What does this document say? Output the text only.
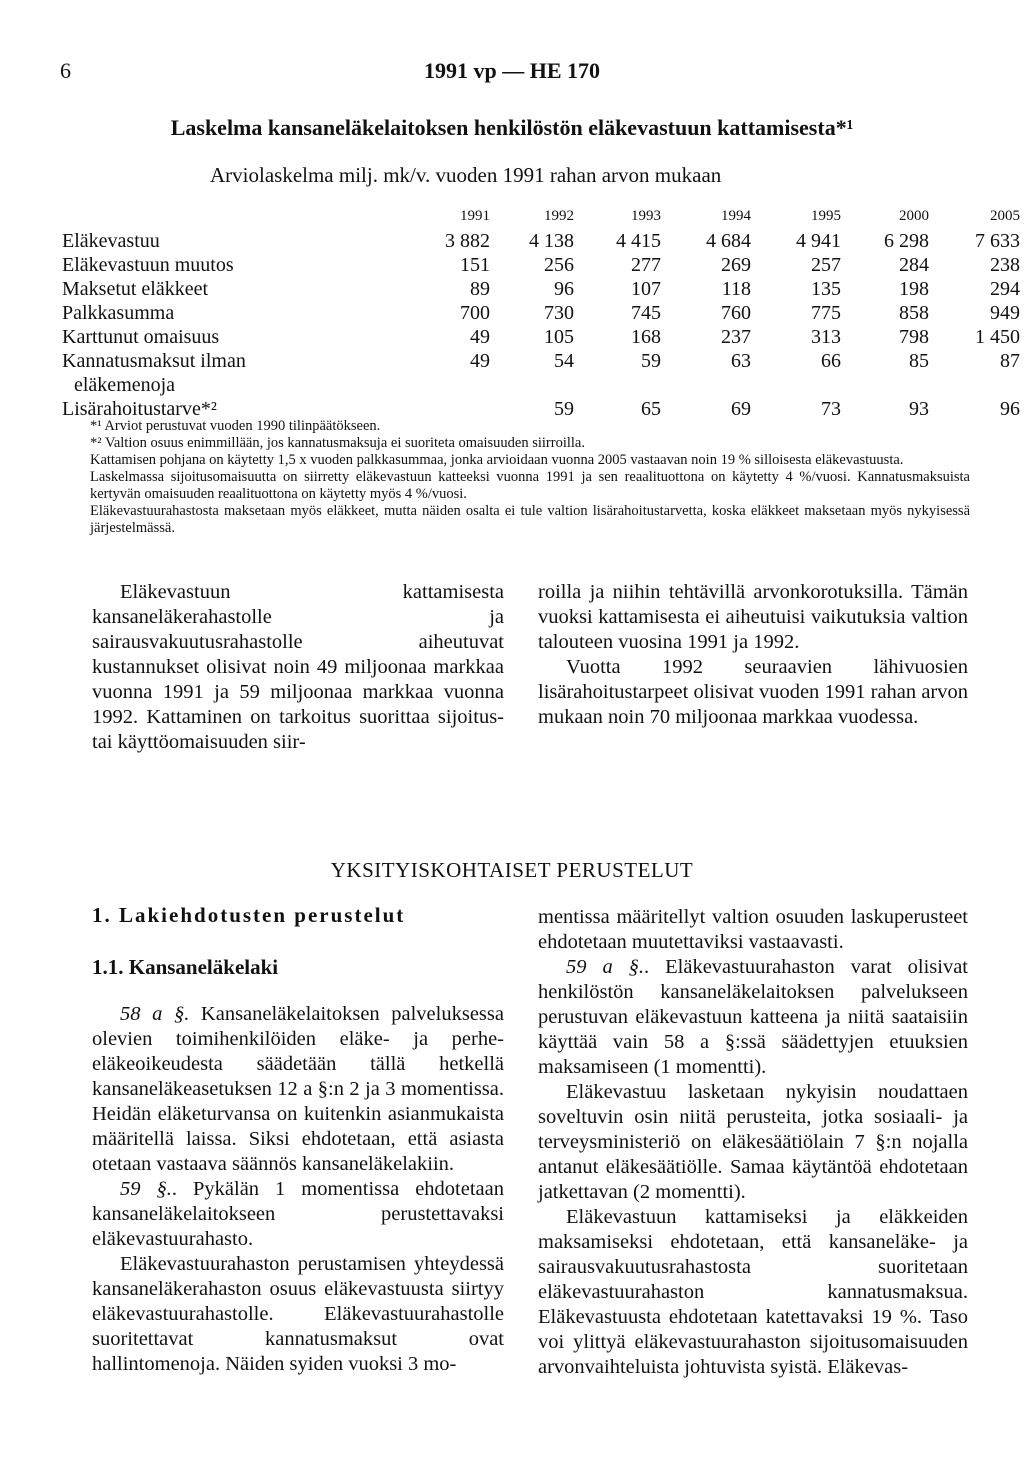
6	1991 vp — HE 170
Laskelma kansaneläkelaitoksen henkilöstön eläkevastuun kattamisesta*¹
Arviolaskelma milj. mk/v. vuoden 1991 rahan arvon mukaan
	1991	1992	1993	1994	1995	2000	2005
Eläkevastuu	3 882	4 138	4 415	4 684	4 941	6 298	7 633
Eläkevastuun muutos	151	256	277	269	257	284	238
Maksetut eläkkeet	89	96	107	118	135	198	294
Palkkasumma	700	730	745	760	775	858	949
Karttunut omaisuus	49	105	168	237	313	798	1 450
Kannatusmaksut ilman	49	54	59	63	66	85	87
eläkemenoja							
Lisärahoitustarve*²		59	65	69	73	93	96

*¹ Arviot perustuvat vuoden 1990 tilinpäätökseen.

*² Valtion osuus enimmillään, jos kannatusmaksuja ei suoriteta omaisuuden siirroilla.

Kattamisen pohjana on käytetty 1,5 x vuoden palkkasummaa, jonka arvioidaan vuonna 2005 vastaavan noin 19 % silloisesta eläkevastuusta.

Laskelmassa sijoitusomaisuutta on siirretty eläkevastuun katteeksi vuonna 1991 ja sen reaalituottona on käytetty 4 %/vuosi. Kannatusmaksuista kertyvän omaisuuden reaalituottona on käytetty myös 4 %/vuosi.

Eläkevastuurahastosta maksetaan myös eläkkeet, mutta näiden osalta ei tule valtion lisärahoitustarvetta, koska eläkkeet maksetaan myös nykyisessä järjestelmässä.

Eläkevastuun kattamisesta kansaneläkerahastolle ja sairausvakuutusrahastolle aiheutuvat kustannukset olisivat noin 49 miljoonaa markkaa vuonna 1991 ja 59 miljoonaa markkaa vuonna 1992. Kattaminen on tarkoitus suorittaa sijoitus- tai käyttöomaisuuden siir-

roilla ja niihin tehtävillä arvonkorotuksilla. Tämän vuoksi kattamisesta ei aiheutuisi vaikutuksia valtion talouteen vuosina 1991 ja 1992.

Vuotta 1992 seuraavien lähivuosien lisärahoitustarpeet olisivat vuoden 1991 rahan arvon mukaan noin 70 miljoonaa markkaa vuodessa.

YKSITYISKOHTAISET PERUSTELUT
1. Lakiehdotusten perustelut
1.1. Kansaneläkelaki

58 a §. Kansaneläkelaitoksen palveluksessa olevien toimihenkilöiden eläke- ja perhe-eläkeoikeudesta säädetään tällä hetkellä kansaneläkeasetuksen 12 a §:n 2 ja 3 momentissa. Heidän eläketurvansa on kuitenkin asianmukaista määritellä laissa. Siksi ehdotetaan, että asiasta otetaan vastaava säännös kansaneläkelakiin.

59 §.. Pykälän 1 momentissa ehdotetaan kansaneläkelaitokseen perustettavaksi eläkevastuurahasto.

Eläkevastuurahaston perustamisen yhteydessä kansaneläkerahaston osuus eläkevastuusta siirtyy eläkevastuurahastolle. Eläkevastuurahastolle suoritettavat kannatusmaksut ovat hallintomenoja. Näiden syiden vuoksi 3 mo-

mentissa määritellyt valtion osuuden laskuperusteet ehdotetaan muutettaviksi vastaavasti.

59 a §.. Eläkevastuurahaston varat olisivat henkilöstön kansaneläkelaitoksen palvelukseen perustuvan eläkevastuun katteena ja niitä saataisiin käyttää vain 58 a §:ssä säädettyjen etuuksien maksamiseen (1 momentti).

Eläkevastuu lasketaan nykyisin noudattaen soveltuvin osin niitä perusteita, jotka sosiaali- ja terveysministeriö on eläkesäätiölain 7 §:n nojalla antanut eläkesäätiölle. Samaa käytäntöä ehdotetaan jatkettavan (2 momentti).

Eläkevastuun kattamiseksi ja eläkkeiden maksamiseksi ehdotetaan, että kansaneläke- ja sairausvakuutusrahastosta suoritetaan eläkevastuurahaston kannatusmaksua. Eläkevastuusta ehdotetaan katettavaksi 19 %. Taso voi ylittyä eläkevastuurahaston sijoitusomaisuuden arvonvaihteluista johtuvista syistä. Eläkevas-
